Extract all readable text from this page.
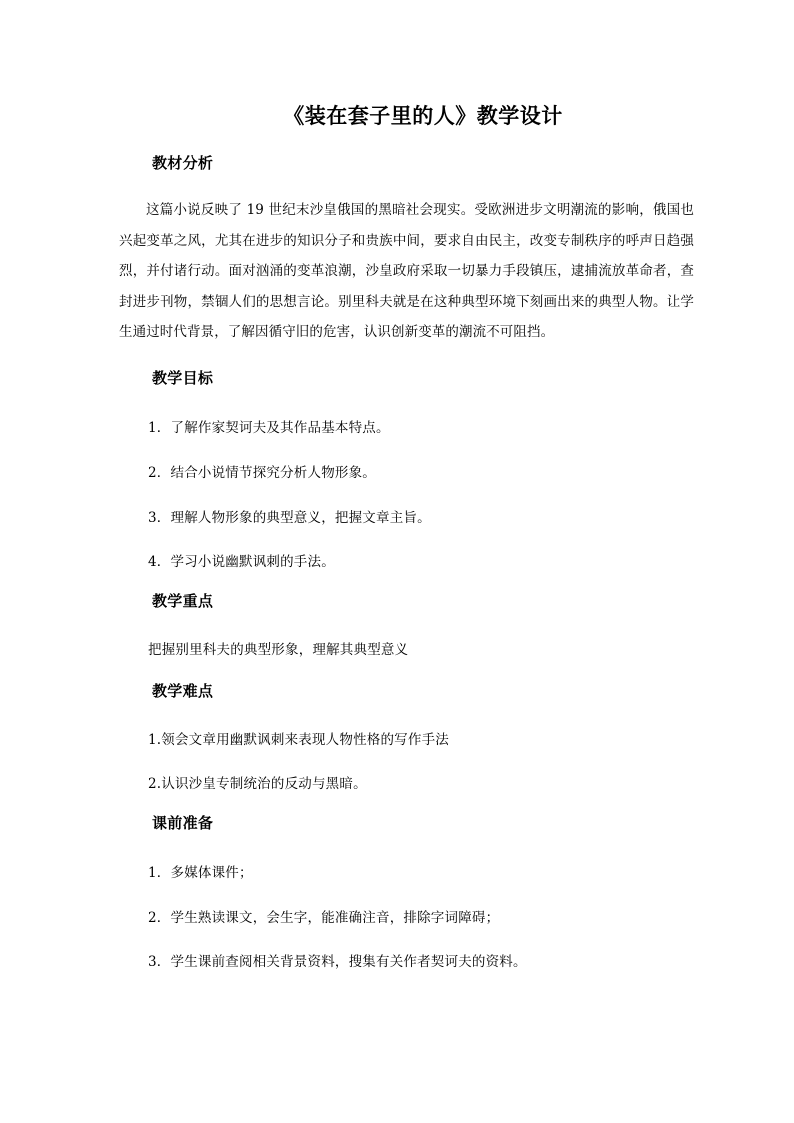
《装在套子里的人》教学设计
教材分析
这篇小说反映了 19 世纪末沙皇俄国的黑暗社会现实。受欧洲进步文明潮流的影响，俄国也兴起变革之风，尤其在进步的知识分子和贵族中间，要求自由民主，改变专制秩序的呼声日趋强烈，并付诸行动。面对汹涌的变革浪潮，沙皇政府采取一切暴力手段镇压，逮捕流放革命者，查封进步刊物，禁锢人们的思想言论。别里科夫就是在这种典型环境下刻画出来的典型人物。让学生通过时代背景，了解因循守旧的危害，认识创新变革的潮流不可阻挡。
教学目标
1．了解作家契诃夫及其作品基本特点。
2．结合小说情节探究分析人物形象。
3．理解人物形象的典型意义，把握文章主旨。
4．学习小说幽默讽刺的手法。
教学重点
把握别里科夫的典型形象，理解其典型意义
教学难点
1.领会文章用幽默讽刺来表现人物性格的写作手法
2.认识沙皇专制统治的反动与黑暗。
课前准备
1．多媒体课件；
2．学生熟读课文，会生字，能准确注音，排除字词障碍；
3．学生课前查阅相关背景资料，搜集有关作者契诃夫的资料。
